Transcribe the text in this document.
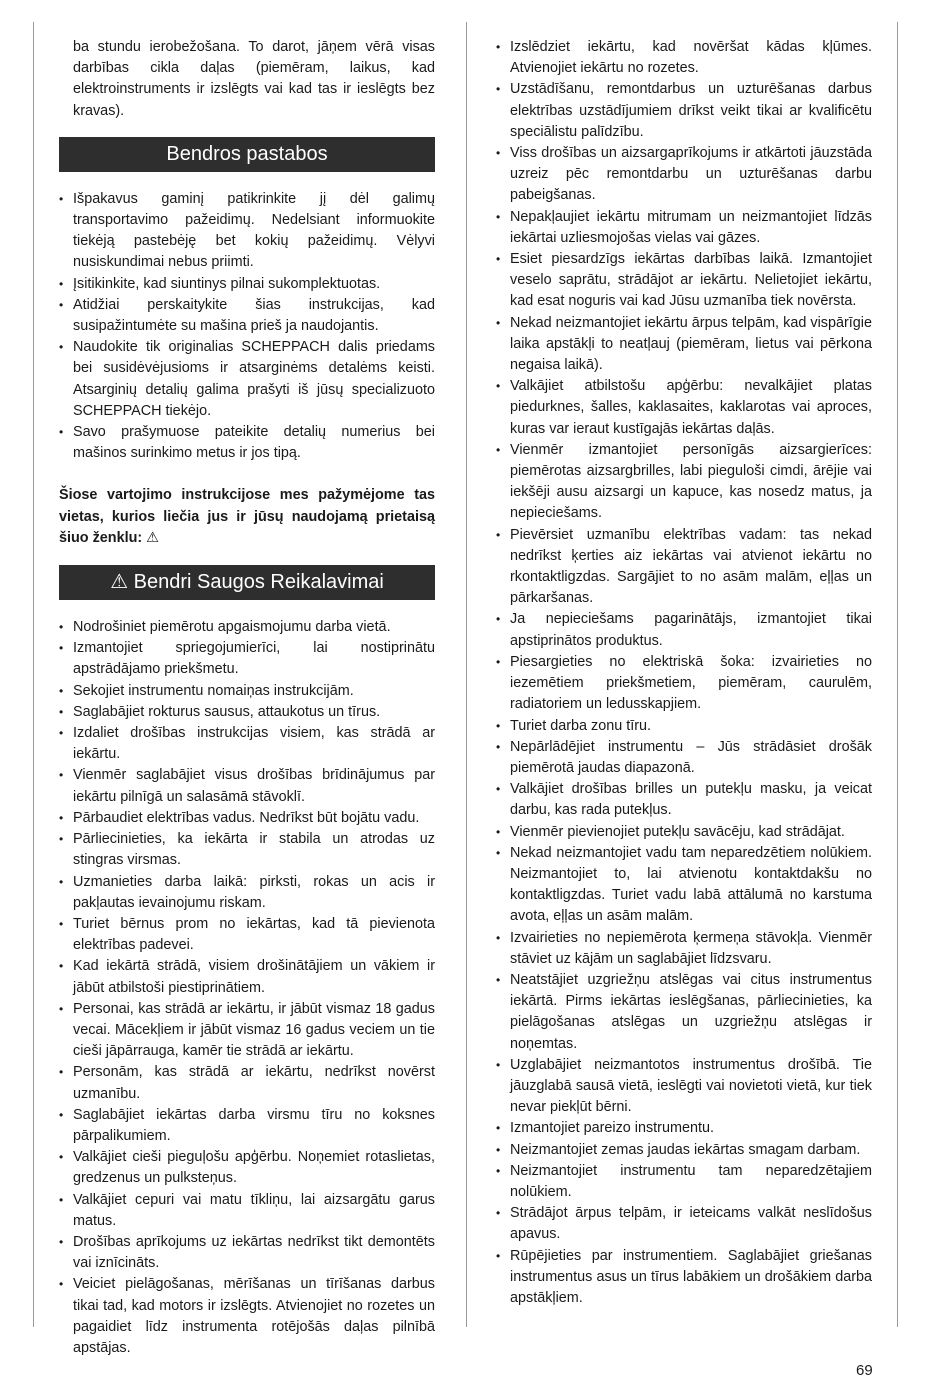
ba stundu ierobežošana. To darot, jāņem vērā visas darbības cikla daļas (piemēram, laikus, kad elektroinstruments ir izslēgts vai kad tas ir ieslēgts bez kravas).

Bendros pastabos
• Išpakavus gaminį patikrinkite jį dėl galimų transportavimo pažeidimų. Nedelsiant informuokite tiekėją pastebėję bet kokių pažeidimų. Vėlyvi nusiskundimai nebus priimti.
• Įsitikinkite, kad siuntinys pilnai sukomplektuotas.
• Atidžiai perskaitykite šias instrukcijas, kad susipažintumėte su mašina prieš ja naudojantis.
• Naudokite tik originalias SCHEPPACH dalis priedams bei susidėvėjusioms ir atsarginėms detalėms keisti. Atsarginių detalių galima prašyti iš jūsų specializuoto SCHEPPACH tiekėjo.
• Savo prašymuose pateikite detalių numerius bei mašinos surinkimo metus ir jos tipą.

Šiose vartojimo instrukcijose mes pažymėjome tas vietas, kurios liečia jus ir jūsų naudojamą prietaisą šiuo ženklu: ⚠

⚠ Bendri Saugos Reikalavimai
• Nodrošiniet piemērotu apgaismojumu darba vietā.
• Izmantojiet spriegojumierīci, lai nostiprinātu apstrādājamo priekšmetu.
• Sekojiet instrumentu nomaiņas instrukcijām.
• Saglabājiet rokturus sausus, attaukotus un tīrus.
• Izdaliet drošības instrukcijas visiem, kas strādā ar iekārtu.
• Vienmēr saglabājiet visus drošības brīdinājumus par iekārtu pilnīgā un salasāmā stāvoklī.
• Pārbaudiet elektrības vadus. Nedrīkst būt bojātu vadu.
• Pārliecinieties, ka iekārta ir stabila un atrodas uz stingras virsmas.
• Uzmanieties darba laikā: pirksti, rokas un acis ir pakļautas ievainojumu riskam.
• Turiet bērnus prom no iekārtas, kad tā pievienota elektrības padevei.
• Kad iekārtā strādā, visiem drošinātājiem un vākiem ir jābūt atbilstoši piestiprinātiem.
• Personai, kas strādā ar iekārtu, ir jābūt vismaz 18 gadus vecai. Mācekļiem ir jābūt vismaz 16 gadus veciem un tie cieši jāpārrauga, kamēr tie strādā ar iekārtu.
• Personām, kas strādā ar iekārtu, nedrīkst novērst uzmanību.
• Saglabājiet iekārtas darba virsmu tīru no koksnes pārpalikumiem.
• Valkājiet cieši pieguļošu apģērbu. Noņemiet rotaslietas, gredzenus un pulksteņus.
• Valkājiet cepuri vai matu tīkliņu, lai aizsargātu garus matus.
• Drošības aprīkojums uz iekārtas nedrīkst tikt demontēts vai iznīcināts.
• Veiciet pielāgošanas, mērīšanas un tīrīšanas darbus tikai tad, kad motors ir izslēgts. Atvienojiet no rozetes un pagaidiet līdz instrumenta rotējošās daļas pilnībā apstājas.
• Izslēdziet iekārtu, kad novēršat kādas kļūmes. Atvienojiet iekārtu no rozetes.
• Uzstādīšanu, remontdarbus un uzturēšanas darbus elektrības uzstādījumiem drīkst veikt tikai ar kvalificētu speciālistu palīdzību.
• Viss drošības un aizsargaprīkojums ir atkārtoti jāuzstāda uzreiz pēc remontdarbu un uzturēšanas darbu pabeigšanas.
• Nepakļaujiet iekārtu mitrumam un neizmantojiet līdzās iekārtai uzliesmojošas vielas vai gāzes.
• Esiet piesardzīgs iekārtas darbības laikā. Izmantojiet veselo saprātu, strādājot ar iekārtu. Nelietojiet iekārtu, kad esat noguris vai kad Jūsu uzmanība tiek novērsta.
• Nekad neizmantojiet iekārtu ārpus telpām, kad vispārīgie laika apstākļi to neatļauj (piemēram, lietus vai pērkona negaisa laikā).
• Valkājiet atbilstošu apģērbu: nevalkājiet platas piedurknes, šalles, kaklasaites, kaklarotas vai aproces, kuras var ieraut kustīgajās iekārtas daļās.
• Vienmēr izmantojiet personīgās aizsargierīces: piemērotas aizsargbrilles, labi pieguloši cimdi, ārējie vai iekšēji ausu aizsargi un kapuce, kas nosedz matus, ja nepieciešams.
• Pievērsiet uzmanību elektrības vadam: tas nekad nedrīkst ķerties aiz iekārtas vai atvienot iekārtu no rkontaktligzdas. Sargājiet to no asām malām, eļļas un pārkaršanas.
• Ja nepieciešams pagarinātājs, izmantojiet tikai apstiprinātos produktus.
• Piesargieties no elektriskā šoka: izvairieties no iezemētiem priekšmetiem, piemēram, caurulēm, radiatoriem un ledusskapjiem.
• Turiet darba zonu tīru.
• Nepārlādējiet instrumentu – Jūs strādāsiet drošāk piemērotā jaudas diapazonā.
• Valkājiet drošības brilles un putekļu masku, ja veicat darbu, kas rada putekļus.
• Vienmēr pievienojiet putekļu savācēju, kad strādājat.
• Nekad neizmantojiet vadu tam neparedzētiem nolūkiem. Neizmantojiet to, lai atvienotu kontaktdakšu no kontaktligzdas. Turiet vadu labā attālumā no karstuma avota, eļļas un asām malām.
• Izvairieties no nepiemērota ķermeņa stāvokļa. Vienmēr stāviet uz kājām un saglabājiet līdzsvaru.
• Neatstājiet uzgriežņu atslēgas vai citus instrumentus iekārtā. Pirms iekārtas ieslēgšanas, pārliecinieties, ka pielāgošanas atslēgas un uzgriežņu atslēgas ir noņemtas.
• Uzglabājiet neizmantotos instrumentus drošībā. Tie jāuzglabā sausā vietā, ieslēgti vai novietoti vietā, kur tiek nevar piekļūt bērni.
• Izmantojiet pareizo instrumentu.
• Neizmantojiet zemas jaudas iekārtas smagam darbam.
• Neizmantojiet instrumentu tam neparedzētajiem nolūkiem.
• Strādājot ārpus telpām, ir ieteicams valkāt neslīdošus apavus.
• Rūpējieties par instrumentiem. Saglabājiet griešanas instrumentus asus un tīrus labākiem un drošākiem darba apstākļiem.
69
